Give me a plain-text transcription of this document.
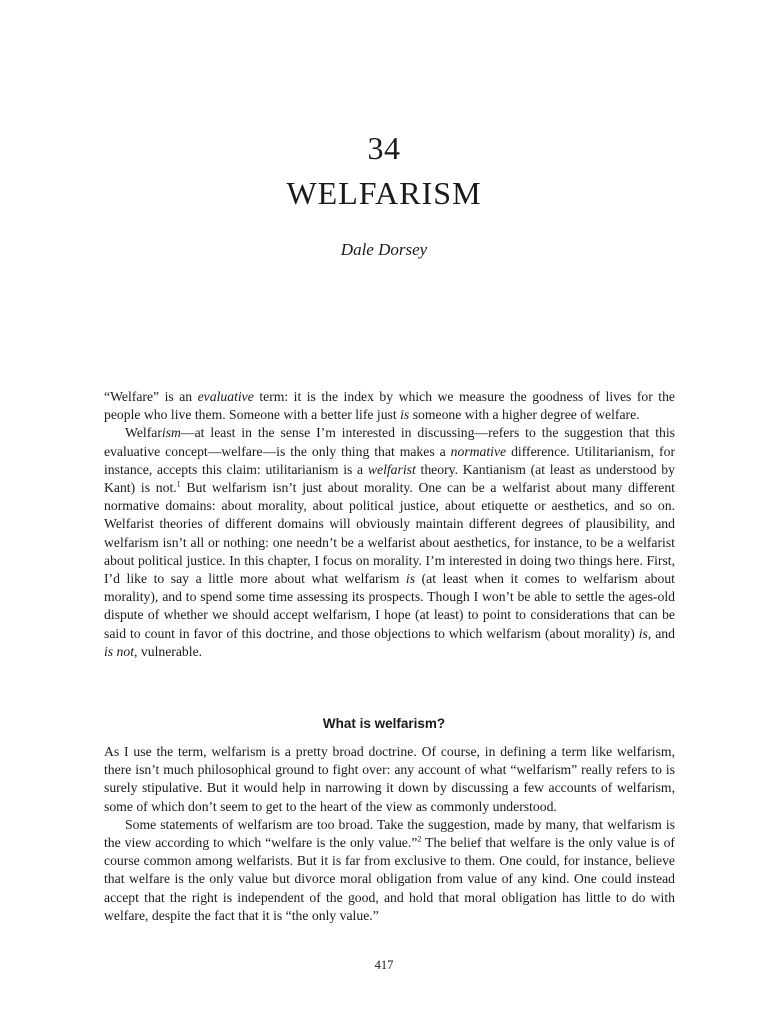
34
WELFARISM
Dale Dorsey

“Welfare” is an evaluative term: it is the index by which we measure the goodness of lives for the people who live them. Someone with a better life just is someone with a higher degree of welfare.

Welfarism—at least in the sense I’m interested in discussing—refers to the suggestion that this evaluative concept—welfare—is the only thing that makes a normative difference. Utilitarianism, for instance, accepts this claim: utilitarianism is a welfarist theory. Kantianism (at least as understood by Kant) is not.$^1$ But welfarism isn’t just about morality. One can be a welfarist about many different normative domains: about morality, about political justice, about etiquette or aesthetics, and so on. Welfarist theories of different domains will obviously maintain different degrees of plausibility, and welfarism isn’t all or nothing: one needn’t be a welfarist about aesthetics, for instance, to be a welfarist about political justice. In this chapter, I focus on morality. I’m interested in doing two things here. First, I’d like to say a little more about what welfarism is (at least when it comes to welfarism about morality), and to spend some time assessing its prospects. Though I won’t be able to settle the ages-old dispute of whether we should accept welfarism, I hope (at least) to point to considerations that can be said to count in favor of this doctrine, and those objections to which welfarism (about morality) is, and is not, vulnerable.

What is welfarism?

As I use the term, welfarism is a pretty broad doctrine. Of course, in defining a term like welfarism, there isn’t much philosophical ground to fight over: any account of what “welfarism” really refers to is surely stipulative. But it would help in narrowing it down by discussing a few accounts of welfarism, some of which don’t seem to get to the heart of the view as commonly understood.

Some statements of welfarism are too broad. Take the suggestion, made by many, that welfarism is the view according to which “welfare is the only value.”$^2$ The belief that welfare is the only value is of course common among welfarists. But it is far from exclusive to them. One could, for instance, believe that welfare is the only value but divorce moral obligation from value of any kind. One could instead accept that the right is independent of the good, and hold that moral obligation has little to do with welfare, despite the fact that it is “the only value.”

417
